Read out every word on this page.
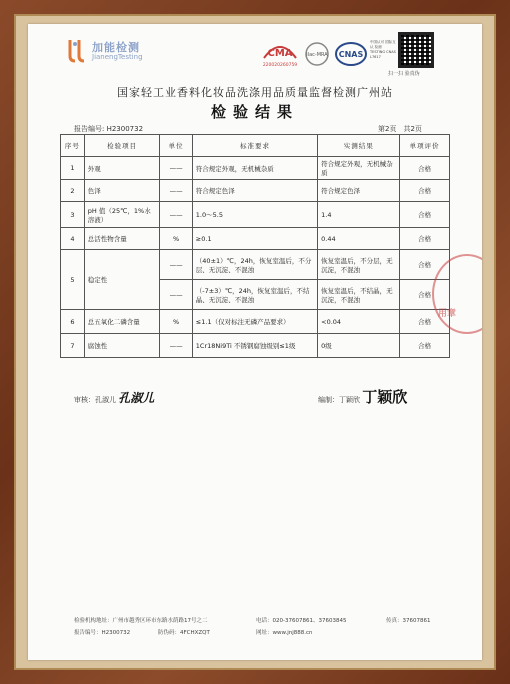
加能检测
JianengTesting	CMA
220020260759
ilac-MRA CNAS
中国认可 国际互认 检测 TESTING CNAS L7617
扫一扫 验真伪
国家轻工业香料化妆品洗涤用品质量监督检测广州站
检验结果
报告编号: H2300732	第2页　共2页
序号	检验项目	单位	标准要求	实测结果	单项评价
1	外观	——	符合规定外观，无机械杂质	符合规定外观，无机械杂质	合格
2	色泽	——	符合规定色泽	符合规定色泽	合格
3	pH 值（25℃，1%水溶液）	——	1.0～5.5	1.4	合格
4	总活性物含量	%	≥0.1	0.44	合格
5	稳定性	——	（40±1）℃，24h，恢复室温后，不分层、无沉淀、不混浊	恢复室温后，不分层，无沉淀，不混浊	合格
		——	（-7±3）℃，24h，恢复室温后，不结晶、无沉淀、不混浊	恢复室温后，不结晶，无沉淀，不混浊	合格
6	总五氧化二磷含量	%	≤1.1（仅对标注无磷产品要求）	<0.04	合格
7	腐蚀性	——	1Cr18Ni9Ti 不锈钢腐蚀级别≤1级	0级	合格
审核：孔淑儿 孔淑儿	编制：丁颖欣 丁颖欣
用章
检验机构地址：广州市越秀区环市东路水荫路17号之二	电话：020-37607861、37603845	传真：37607861
报告编号：H2300732	防伪码：4FCHXZQT	网址：www.jnj888.cn
